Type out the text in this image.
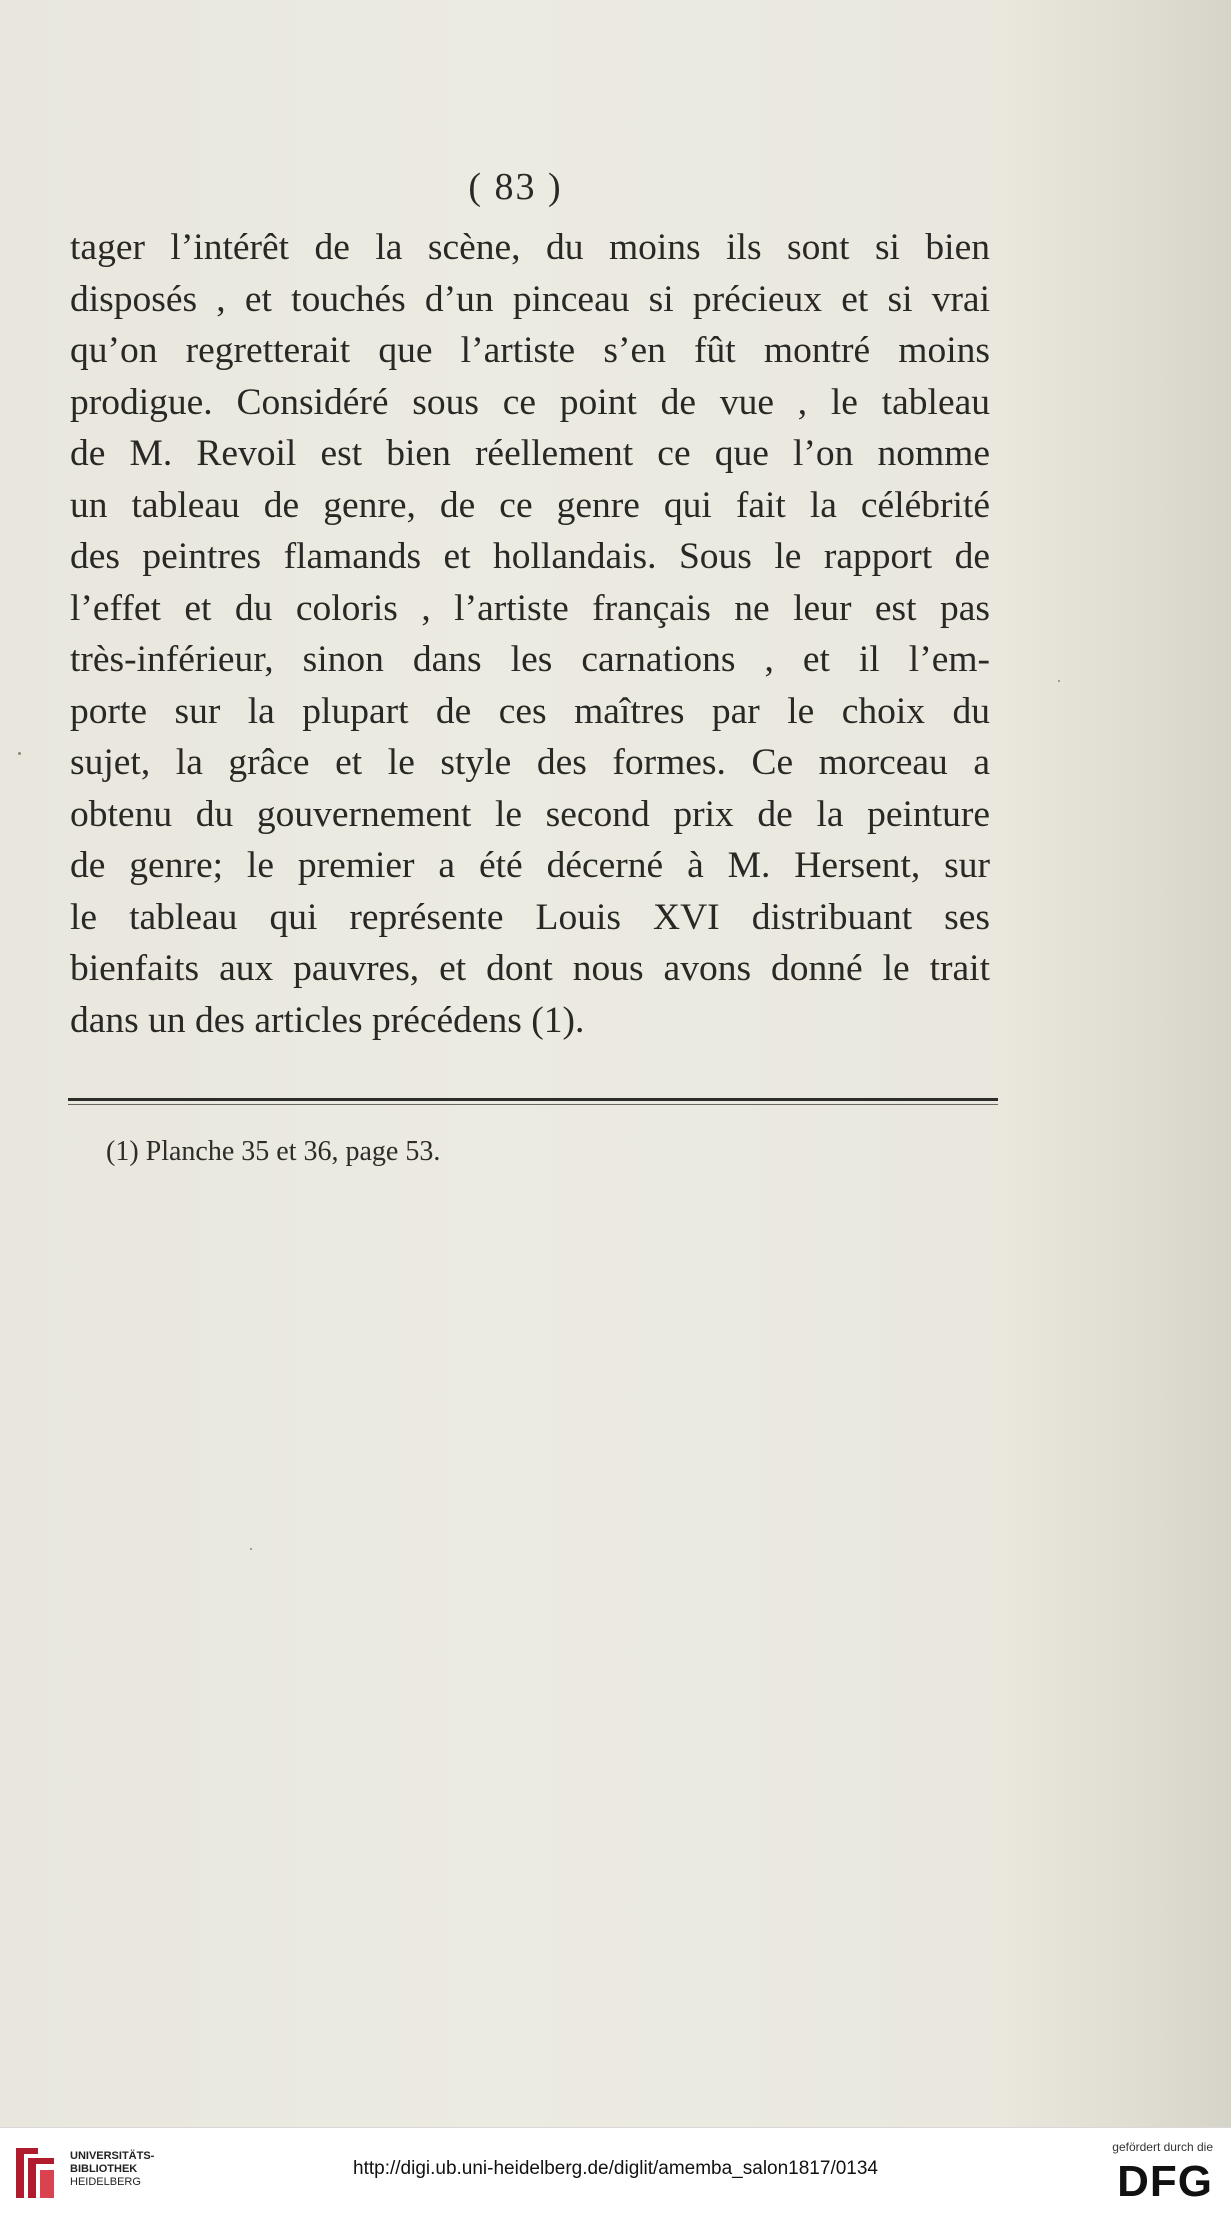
( 83 )
tager l’intérêt de la scène, du moins ils sont si bien
disposés , et touchés d’un pinceau si précieux et si vrai
qu’on regretterait que l’artiste s’en fût montré moins
prodigue. Considéré sous ce point de vue , le tableau
de M. Revoil est bien réellement ce que l’on nomme
un tableau de genre, de ce genre qui fait la célébrité
des peintres flamands et hollandais. Sous le rapport de
l’effet et du coloris , l’artiste français ne leur est pas
très-inférieur, sinon dans les carnations , et il l’em-
porte sur la plupart de ces maîtres par le choix du
sujet, la grâce et le style des formes. Ce morceau a
obtenu du gouvernement le second prix de la peinture
de genre; le premier a été décerné à M. Hersent, sur
le tableau qui représente Louis XVI distribuant ses
bienfaits aux pauvres, et dont nous avons donné le trait
dans un des articles précédens (1).
(1) Planche 35 et 36, page 53.
UNIVERSITÄTS-
BIBLIOTHEK
HEIDELBERG
http://digi.ub.uni-heidelberg.de/diglit/amemba_salon1817/0134
gefördert durch die
DFG
